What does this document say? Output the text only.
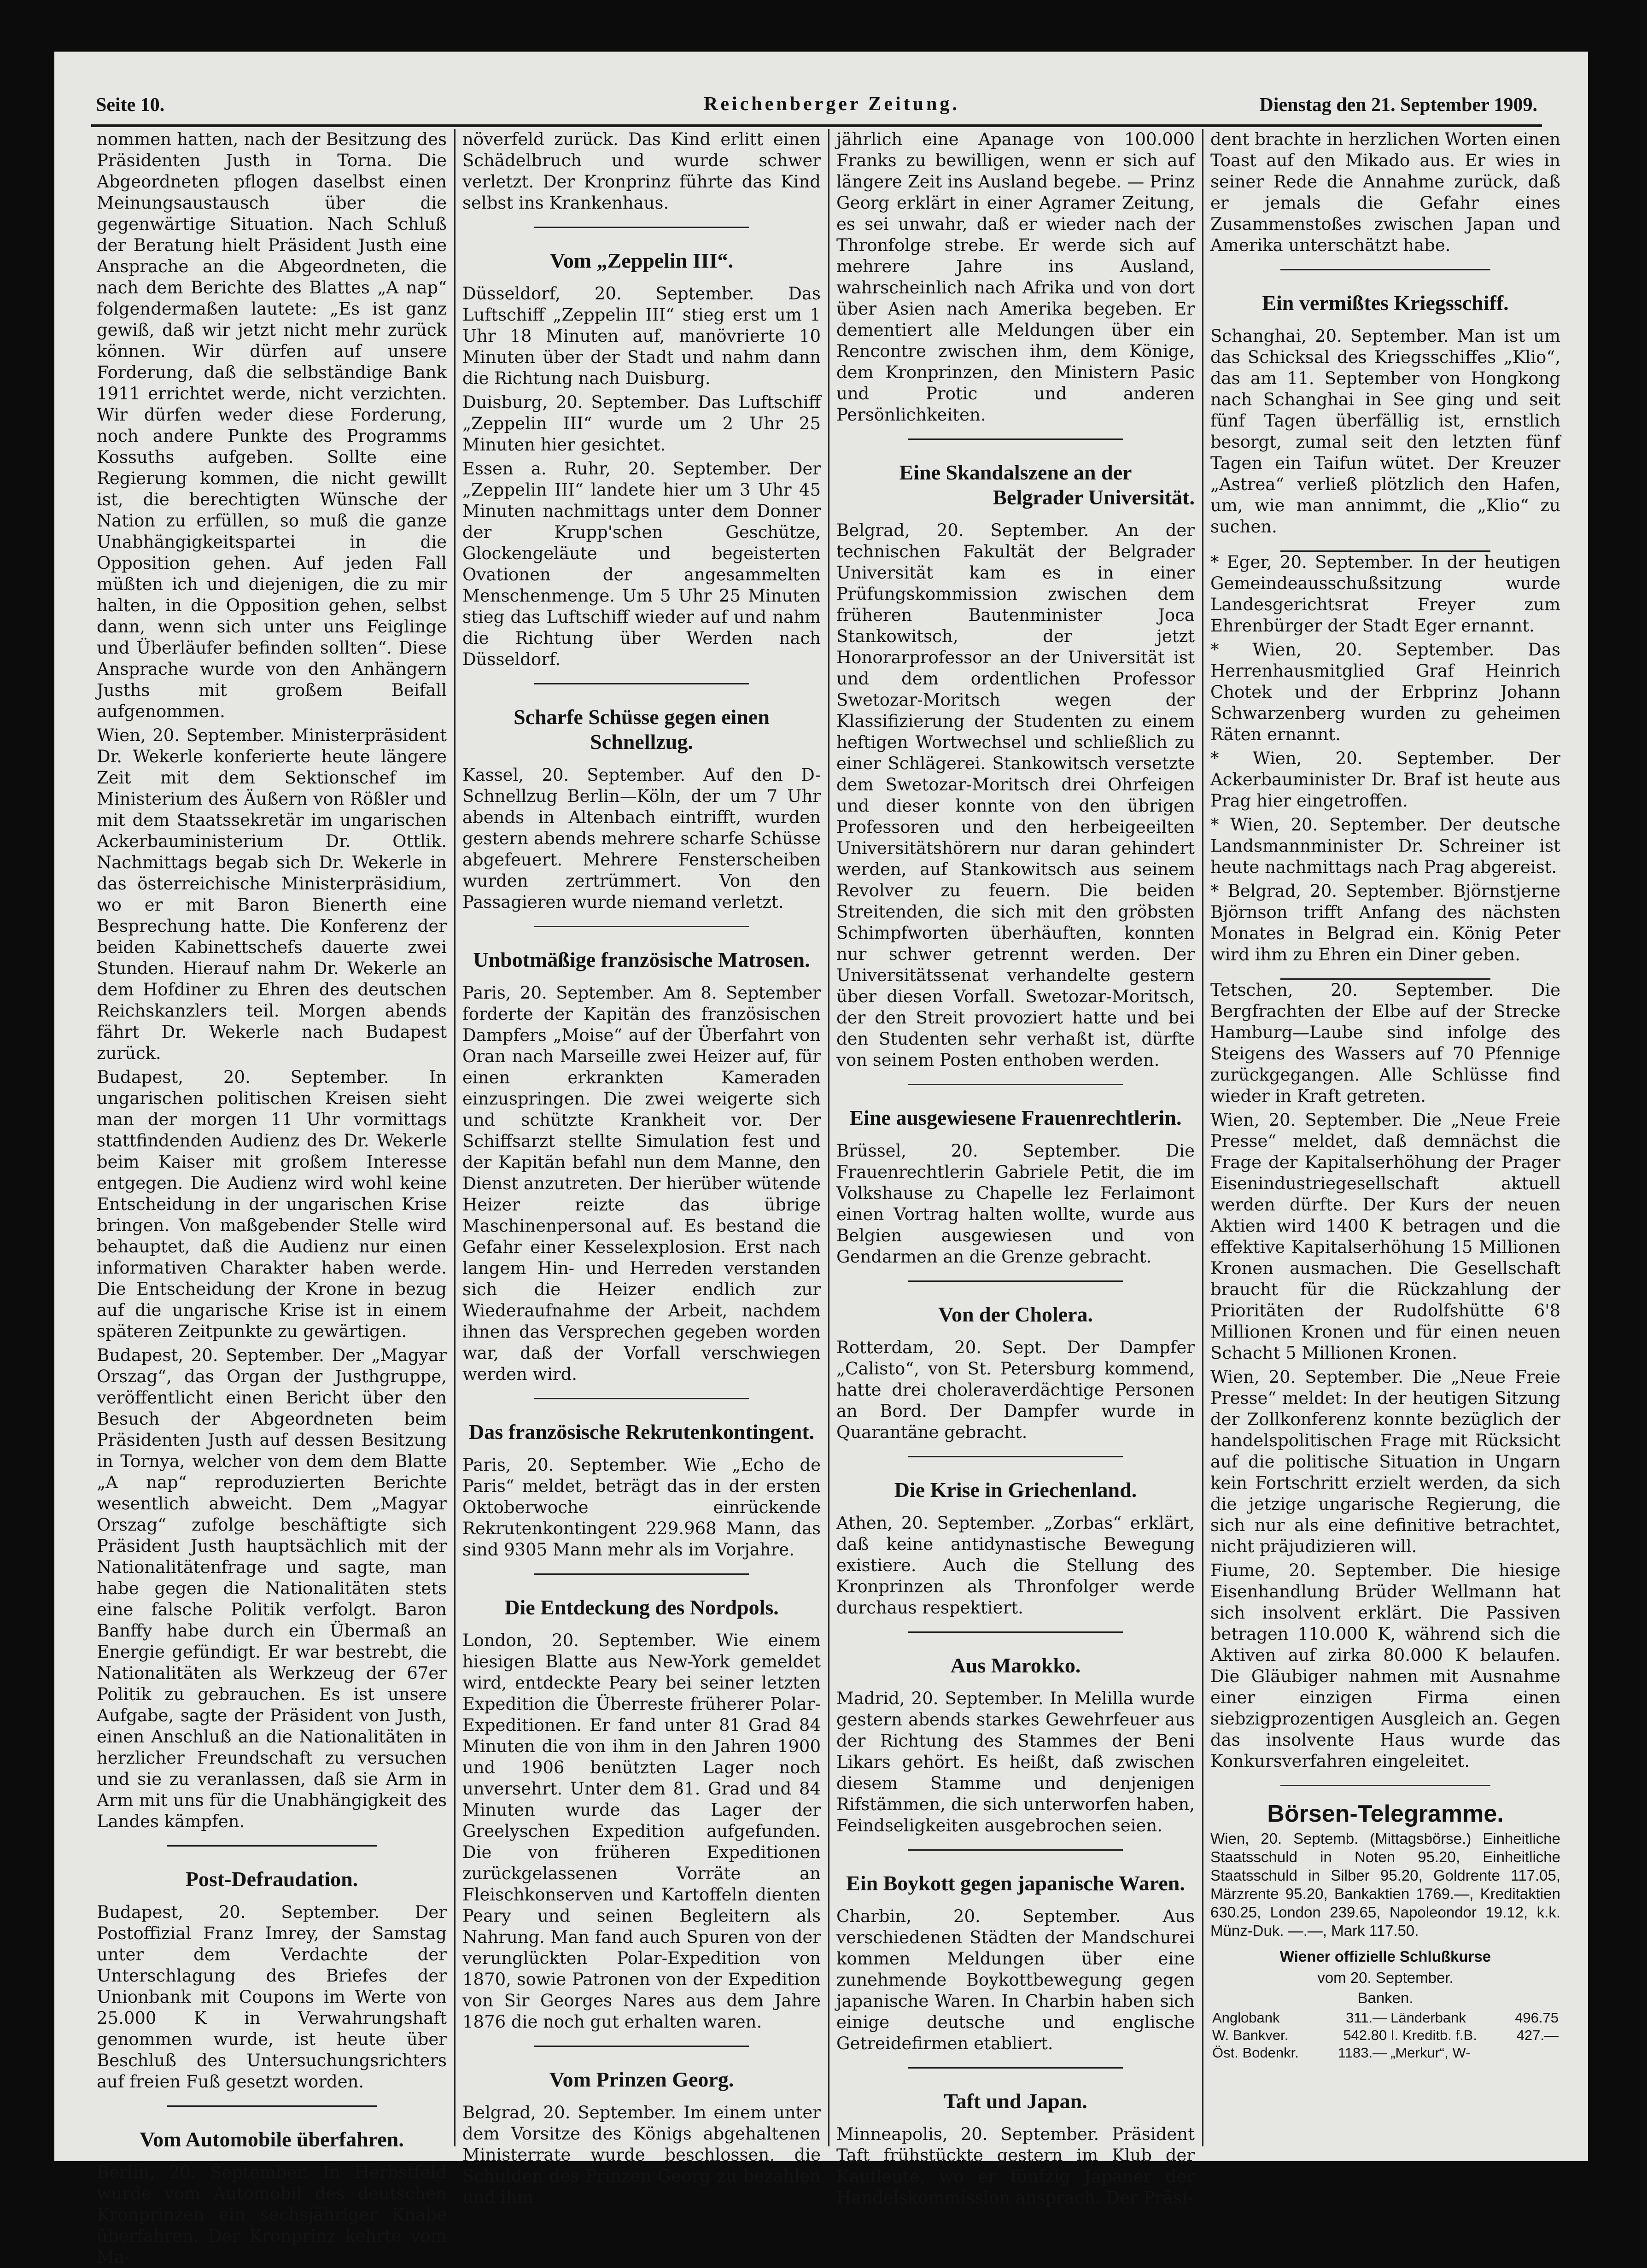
Seite 10.	Reichenberger Zeitung.	Dienstag den 21. September 1909.

nommen hatten, nach der Besitzung des Präsidenten Justh in Torna. Die Abgeordneten pflogen daselbst einen Meinungsaustausch über die gegenwärtige Situation. Nach Schluß der Beratung hielt Präsident Justh eine Ansprache an die Abgeordneten, die nach dem Berichte des Blattes „A nap“ folgendermaßen lautete: „Es ist ganz gewiß, daß wir jetzt nicht mehr zurück können. Wir dürfen auf unsere Forderung, daß die selbständige Bank 1911 errichtet werde, nicht verzichten. Wir dürfen weder diese Forderung, noch andere Punkte des Programms Kossuths aufgeben. Sollte eine Regierung kommen, die nicht gewillt ist, die berechtigten Wünsche der Nation zu erfüllen, so muß die ganze Unabhängigkeitspartei in die Opposition gehen. Auf jeden Fall müßten ich und diejenigen, die zu mir halten, in die Opposition gehen, selbst dann, wenn sich unter uns Feiglinge und Überläufer befinden sollten“. Diese Ansprache wurde von den Anhängern Jusths mit großem Beifall aufgenommen.

Wien, 20. September. Ministerpräsident Dr. Wekerle konferierte heute längere Zeit mit dem Sektionschef im Ministerium des Äußern von Rößler und mit dem Staatssekretär im ungarischen Ackerbauministerium Dr. Ottlik. Nachmittags begab sich Dr. Wekerle in das österreichische Ministerpräsidium, wo er mit Baron Bienerth eine Besprechung hatte. Die Konferenz der beiden Kabinettschefs dauerte zwei Stunden. Hierauf nahm Dr. Wekerle an dem Hofdiner zu Ehren des deutschen Reichskanzlers teil. Morgen abends fährt Dr. Wekerle nach Budapest zurück.

Budapest, 20. September. In ungarischen politischen Kreisen sieht man der morgen 11 Uhr vormittags stattfindenden Audienz des Dr. Wekerle beim Kaiser mit großem Interesse entgegen. Die Audienz wird wohl keine Entscheidung in der ungarischen Krise bringen. Von maßgebender Stelle wird behauptet, daß die Audienz nur einen informativen Charakter haben werde. Die Entscheidung der Krone in bezug auf die ungarische Krise ist in einem späteren Zeitpunkte zu gewärtigen.

Budapest, 20. September. Der „Magyar Orszag“, das Organ der Justhgruppe, veröffentlicht einen Bericht über den Besuch der Abgeordneten beim Präsidenten Justh auf dessen Besitzung in Tornya, welcher von dem dem Blatte „A nap“ reproduzierten Berichte wesentlich abweicht. Dem „Magyar Orszag“ zufolge beschäftigte sich Präsident Justh hauptsächlich mit der Nationalitätenfrage und sagte, man habe gegen die Nationalitäten stets eine falsche Politik verfolgt. Baron Banffy habe durch ein Übermaß an Energie gefündigt. Er war bestrebt, die Nationalitäten als Werkzeug der 67er Politik zu gebrauchen. Es ist unsere Aufgabe, sagte der Präsident von Justh, einen Anschluß an die Nationalitäten in herzlicher Freundschaft zu versuchen und sie zu veranlassen, daß sie Arm in Arm mit uns für die Unabhängigkeit des Landes kämpfen.

Post-Defraudation.

Budapest, 20. September. Der Postoffizial Franz Imrey, der Samstag unter dem Verdachte der Unterschlagung des Briefes der Unionbank mit Coupons im Werte von 25.000 K in Verwahrungshaft genommen wurde, ist heute über Beschluß des Untersuchungsrichters auf freien Fuß gesetzt worden.

Vom Automobile überfahren.

Berlin, 20. September. In Herbstfeld wurde vom Automobil des deutschen Kronprinzen ein sechsjähriger Knabe überfahren. Der Kronprinz kehrte vom Ma-

növerfeld zurück. Das Kind erlitt einen Schädelbruch und wurde schwer verletzt. Der Kronprinz führte das Kind selbst ins Krankenhaus.

Vom „Zeppelin III“.

Düsseldorf, 20. September. Das Luftschiff „Zeppelin III“ stieg erst um 1 Uhr 18 Minuten auf, manövrierte 10 Minuten über der Stadt und nahm dann die Richtung nach Duisburg.

Duisburg, 20. September. Das Luftschiff „Zeppelin III“ wurde um 2 Uhr 25 Minuten hier gesichtet.

Essen a. Ruhr, 20. September. Der „Zeppelin III“ landete hier um 3 Uhr 45 Minuten nachmittags unter dem Donner der Krupp'schen Geschütze, Glockengeläute und begeisterten Ovationen der angesammelten Menschenmenge. Um 5 Uhr 25 Minuten stieg das Luftschiff wieder auf und nahm die Richtung über Werden nach Düsseldorf.

Scharfe Schüsse gegen einen Schnellzug.

Kassel, 20. September. Auf den D-Schnellzug Berlin—Köln, der um 7 Uhr abends in Altenbach eintrifft, wurden gestern abends mehrere scharfe Schüsse abgefeuert. Mehrere Fensterscheiben wurden zertrümmert. Von den Passagieren wurde niemand verletzt.

Unbotmäßige französische Matrosen.

Paris, 20. September. Am 8. September forderte der Kapitän des französischen Dampfers „Moise“ auf der Überfahrt von Oran nach Marseille zwei Heizer auf, für einen erkrankten Kameraden einzuspringen. Die zwei weigerte sich und schützte Krankheit vor. Der Schiffsarzt stellte Simulation fest und der Kapitän befahl nun dem Manne, den Dienst anzutreten. Der hierüber wütende Heizer reizte das übrige Maschinenpersonal auf. Es bestand die Gefahr einer Kesselexplosion. Erst nach langem Hin- und Herreden verstanden sich die Heizer endlich zur Wiederaufnahme der Arbeit, nachdem ihnen das Versprechen gegeben worden war, daß der Vorfall verschwiegen werden wird.

Das französische Rekrutenkontingent.

Paris, 20. September. Wie „Echo de Paris“ meldet, beträgt das in der ersten Oktoberwoche einrückende Rekrutenkontingent 229.968 Mann, das sind 9305 Mann mehr als im Vorjahre.

Die Entdeckung des Nordpols.

London, 20. September. Wie einem hiesigen Blatte aus New-York gemeldet wird, entdeckte Peary bei seiner letzten Expedition die Überreste früherer Polar-Expeditionen. Er fand unter 81 Grad 84 Minuten die von ihm in den Jahren 1900 und 1906 benützten Lager noch unversehrt. Unter dem 81. Grad und 84 Minuten wurde das Lager der Greelyschen Expedition aufgefunden. Die von früheren Expeditionen zurückgelassenen Vorräte an Fleischkonserven und Kartoffeln dienten Peary und seinen Begleitern als Nahrung. Man fand auch Spuren von der verunglückten Polar-Expedition von 1870, sowie Patronen von der Expedition von Sir Georges Nares aus dem Jahre 1876 die noch gut erhalten waren.

Vom Prinzen Georg.

Belgrad, 20. September. Im einem unter dem Vorsitze des Königs abgehaltenen Ministerrate wurde beschlossen, die Schulden des Prinzen Georg zu bezahlen und ihm

jährlich eine Apanage von 100.000 Franks zu bewilligen, wenn er sich auf längere Zeit ins Ausland begebe. — Prinz Georg erklärt in einer Agramer Zeitung, es sei unwahr, daß er wieder nach der Thronfolge strebe. Er werde sich auf mehrere Jahre ins Ausland, wahrscheinlich nach Afrika und von dort über Asien nach Amerika begeben. Er dementiert alle Meldungen über ein Rencontre zwischen ihm, dem Könige, dem Kronprinzen, den Ministern Pasic und Protic und anderen Persönlichkeiten.

Eine Skandalszene an der
Belgrader Universität.

Belgrad, 20. September. An der technischen Fakultät der Belgrader Universität kam es in einer Prüfungskommission zwischen dem früheren Bautenminister Joca Stankowitsch, der jetzt Honorarprofessor an der Universität ist und dem ordentlichen Professor Swetozar-Moritsch wegen der Klassifizierung der Studenten zu einem heftigen Wortwechsel und schließlich zu einer Schlägerei. Stankowitsch versetzte dem Swetozar-Moritsch drei Ohrfeigen und dieser konnte von den übrigen Professoren und den herbeigeeilten Universitätshörern nur daran gehindert werden, auf Stankowitsch aus seinem Revolver zu feuern. Die beiden Streitenden, die sich mit den gröbsten Schimpfworten überhäuften, konnten nur schwer getrennt werden. Der Universitätssenat verhandelte gestern über diesen Vorfall. Swetozar-Moritsch, der den Streit provoziert hatte und bei den Studenten sehr verhaßt ist, dürfte von seinem Posten enthoben werden.

Eine ausgewiesene Frauenrechtlerin.

Brüssel, 20. September. Die Frauenrechtlerin Gabriele Petit, die im Volkshause zu Chapelle lez Ferlaimont einen Vortrag halten wollte, wurde aus Belgien ausgewiesen und von Gendarmen an die Grenze gebracht.

Von der Cholera.

Rotterdam, 20. Sept. Der Dampfer „Calisto“, von St. Petersburg kommend, hatte drei choleraverdächtige Personen an Bord. Der Dampfer wurde in Quarantäne gebracht.

Die Krise in Griechenland.

Athen, 20. September. „Zorbas“ erklärt, daß keine antidynastische Bewegung existiere. Auch die Stellung des Kronprinzen als Thronfolger werde durchaus respektiert.

Aus Marokko.

Madrid, 20. September. In Melilla wurde gestern abends starkes Gewehrfeuer aus der Richtung des Stammes der Beni Likars gehört. Es heißt, daß zwischen diesem Stamme und denjenigen Rifstämmen, die sich unterworfen haben, Feindseligkeiten ausgebrochen seien.

Ein Boykott gegen japanische Waren.

Charbin, 20. September. Aus verschiedenen Städten der Mandschurei kommen Meldungen über eine zunehmende Boykottbewegung gegen japanische Waren. In Charbin haben sich einige deutsche und englische Getreidefirmen etabliert.

Taft und Japan.

Minneapolis, 20. September. Präsident Taft frühstückte gestern im Klub der Kaufleute, wo er fünfzig Japaner der Handelskommission ansprach. Der Präsi-

dent brachte in herzlichen Worten einen Toast auf den Mikado aus. Er wies in seiner Rede die Annahme zurück, daß er jemals die Gefahr eines Zusammenstoßes zwischen Japan und Amerika unterschätzt habe.

Ein vermißtes Kriegsschiff.

Schanghai, 20. September. Man ist um das Schicksal des Kriegsschiffes „Klio“, das am 11. September von Hongkong nach Schanghai in See ging und seit fünf Tagen überfällig ist, ernstlich besorgt, zumal seit den letzten fünf Tagen ein Taifun wütet. Der Kreuzer „Astrea“ verließ plötzlich den Hafen, um, wie man annimmt, die „Klio“ zu suchen.

* Eger, 20. September. In der heutigen Gemeindeausschußsitzung wurde Landesgerichtsrat Freyer zum Ehrenbürger der Stadt Eger ernannt.

* Wien, 20. September. Das Herrenhausmitglied Graf Heinrich Chotek und der Erbprinz Johann Schwarzenberg wurden zu geheimen Räten ernannt.

* Wien, 20. September. Der Ackerbauminister Dr. Braf ist heute aus Prag hier eingetroffen.

* Wien, 20. September. Der deutsche Landsmannminister Dr. Schreiner ist heute nachmittags nach Prag abgereist.

* Belgrad, 20. September. Björnstjerne Björnson trifft Anfang des nächsten Monates in Belgrad ein. König Peter wird ihm zu Ehren ein Diner geben.

Tetschen, 20. September. Die Bergfrachten der Elbe auf der Strecke Hamburg—Laube sind infolge des Steigens des Wassers auf 70 Pfennige zurückgegangen. Alle Schlüsse find wieder in Kraft getreten.

Wien, 20. September. Die „Neue Freie Presse“ meldet, daß demnächst die Frage der Kapitalserhöhung der Prager Eisenindustriegesellschaft aktuell werden dürfte. Der Kurs der neuen Aktien wird 1400 K betragen und die effektive Kapitalserhöhung 15 Millionen Kronen ausmachen. Die Gesellschaft braucht für die Rückzahlung der Prioritäten der Rudolfshütte 6'8 Millionen Kronen und für einen neuen Schacht 5 Millionen Kronen.

Wien, 20. September. Die „Neue Freie Presse“ meldet: In der heutigen Sitzung der Zollkonferenz konnte bezüglich der handelspolitischen Frage mit Rücksicht auf die politische Situation in Ungarn kein Fortschritt erzielt werden, da sich die jetzige ungarische Regierung, die sich nur als eine definitive betrachtet, nicht präjudizieren will.

Fiume, 20. September. Die hiesige Eisenhandlung Brüder Wellmann hat sich insolvent erklärt. Die Passiven betragen 110.000 K, während sich die Aktiven auf zirka 80.000 K belaufen. Die Gläubiger nahmen mit Ausnahme einer einzigen Firma einen siebzigprozentigen Ausgleich an. Gegen das insolvente Haus wurde das Konkursverfahren eingeleitet.

Börsen-Telegramme.

Wien, 20. Septemb. (Mittagsbörse.) Einheitliche Staatsschuld in Noten 95.20, Einheitliche Staatsschuld in Silber 95.20, Goldrente 117.05, Märzrente 95.20, Bankaktien 1769.—, Kreditaktien 630.25, London 239.65, Napoleondor 19.12, k.k. Münz-Duk. —.—, Mark 117.50.

Wiener offizielle Schlußkurse
vom 20. September.
Banken.
Anglobank	311.—	Länderbank	496.75
W. Bankver.	542.80	I. Kreditb. f.B.	427.—
Öst. Bodenkr.	1183.—	„Merkur“, W-	
